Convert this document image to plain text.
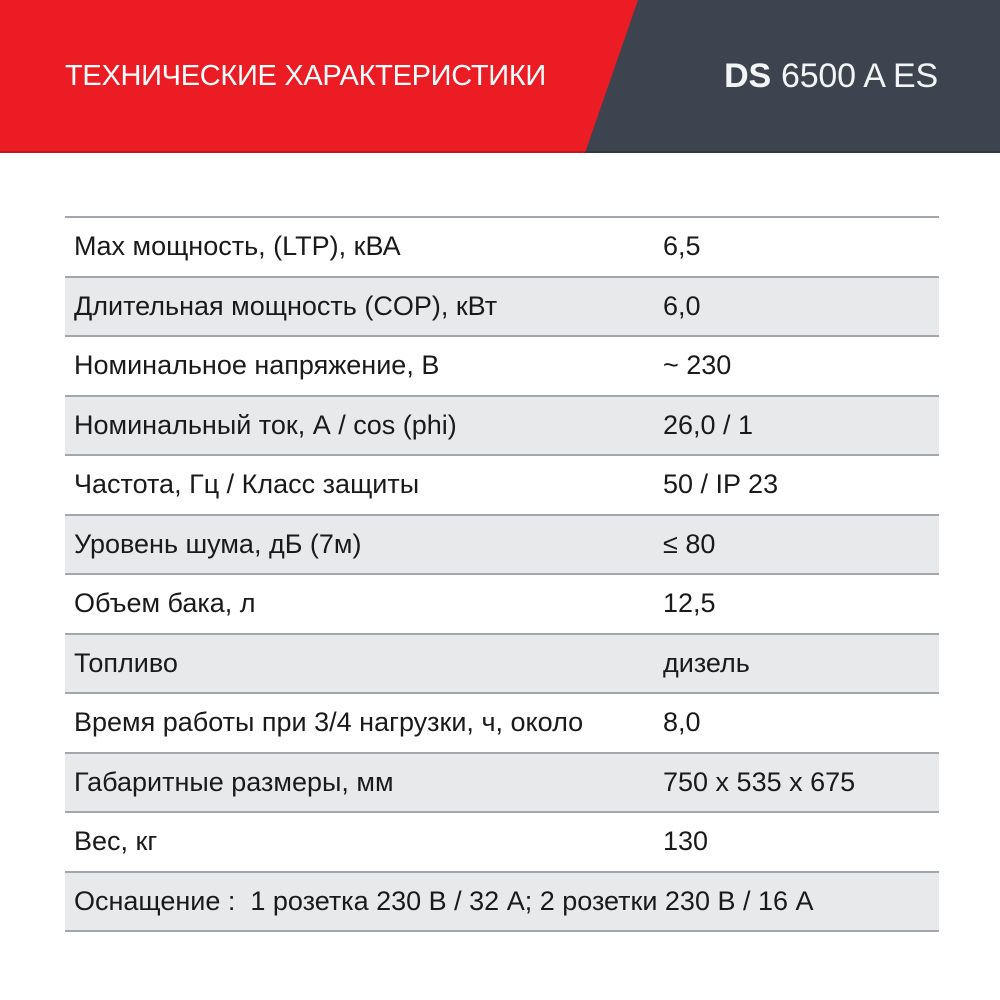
ТЕХНИЧЕСКИЕ ХАРАКТЕРИСТИКИ	DS 6500 A ES
Max мощность, (LTP), кВА	6,5
Длительная мощность (COP), кВт	6,0
Номинальное напряжение, В	~ 230
Номинальный ток, А / cos (phi)	26,0 / 1
Частота, Гц / Класс защиты	50 / IP 23
Уровень шума, дБ (7м)	≤ 80
Объем бака, л	12,5
Топливо	дизель
Время работы при 3/4 нагрузки, ч, около	8,0
Габаритные размеры, мм	750 x 535 x 675
Вес, кг	130
Оснащение :  1 розетка 230 В / 32 А; 2 розетки 230 В / 16 А
